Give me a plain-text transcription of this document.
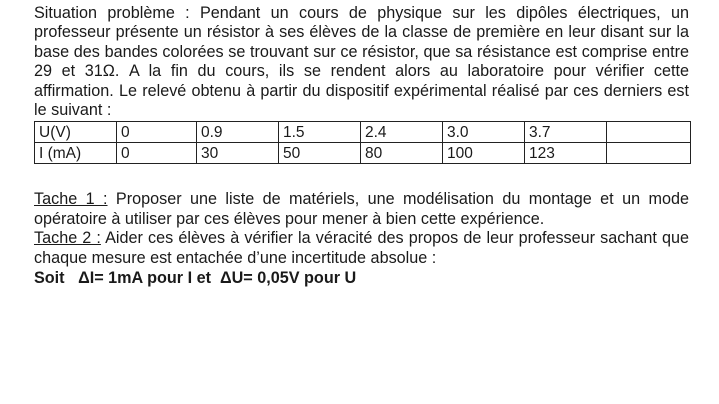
Situation problème : Pendant un cours de physique sur les dipôles électriques, un professeur présente un résistor à ses élèves de la classe de première en leur disant sur la base des bandes colorées se trouvant sur ce résistor, que sa résistance est comprise entre 29 et 31Ω. A la fin du cours, ils se rendent alors au laboratoire pour vérifier cette affirmation. Le relevé obtenu à partir du dispositif expérimental réalisé par ces derniers est le suivant :

U(V)	0	0.9	1.5	2.4	3.0	3.7	
I (mA)	0	30	50	80	100	123	

Tache 1 : Proposer une liste de matériels, une modélisation du montage et un mode opératoire à utiliser par ces élèves pour mener à bien cette expérience.

Tache 2 : Aider ces élèves à vérifier la véracité des propos de leur professeur sachant que chaque mesure est entachée d’une incertitude absolue :

Soit   ΔI= 1mA pour I et  ΔU= 0,05V pour U
